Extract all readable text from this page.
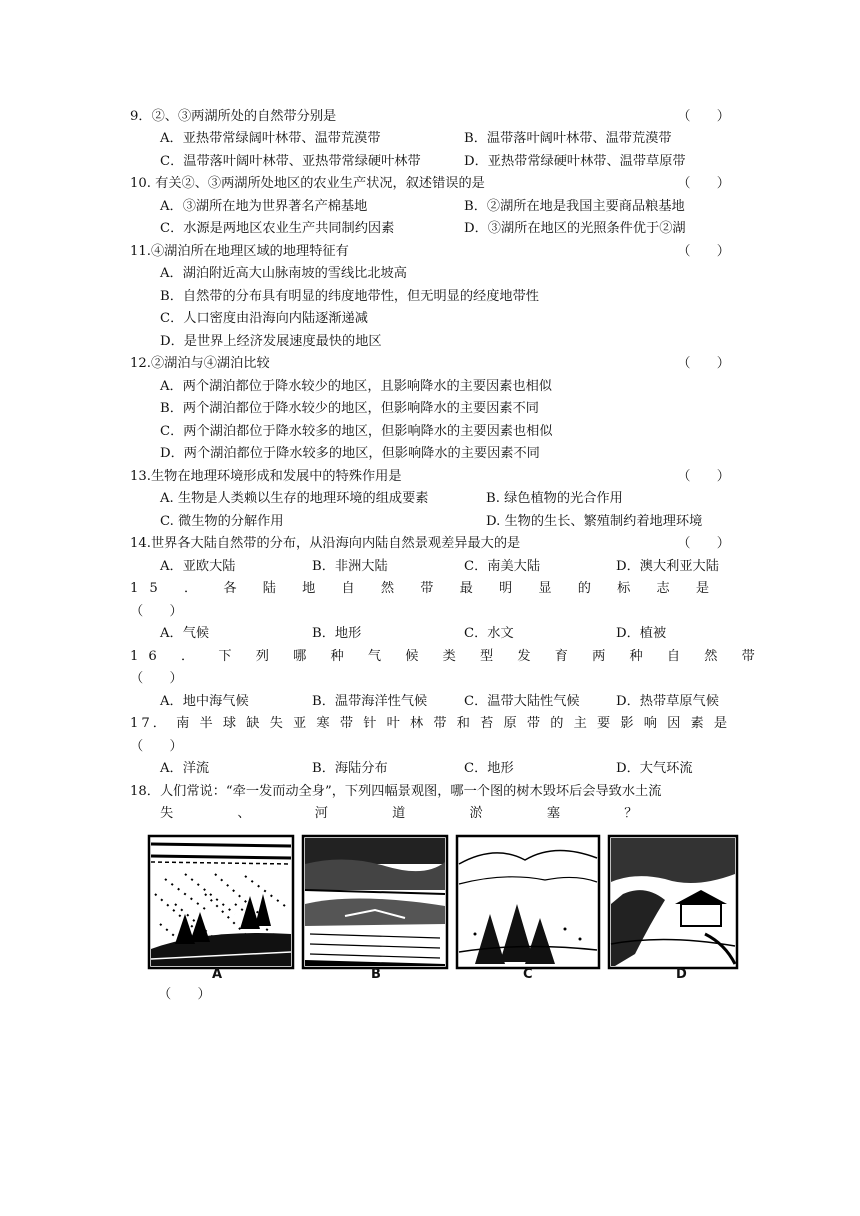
9．②、③两湖所处的自然带分别是	（　　）
A．亚热带常绿阔叶林带、温带荒漠带	B．温带落叶阔叶林带、温带荒漠带
C．温带落叶阔叶林带、亚热带常绿硬叶林带	D．亚热带常绿硬叶林带、温带草原带
10. 有关②、③两湖所处地区的农业生产状况，叙述错误的是	（　　）
A．③湖所在地为世界著名产棉基地	B．②湖所在地是我国主要商品粮基地
C．水源是两地区农业生产共同制约因素	D．③湖所在地区的光照条件优于②湖
11.④湖泊所在地理区域的地理特征有	（　　）
A．湖泊附近高大山脉南坡的雪线比北坡高
B．自然带的分布具有明显的纬度地带性，但无明显的经度地带性
C．人口密度由沿海向内陆逐渐递减
D．是世界上经济发展速度最快的地区
12.②湖泊与④湖泊比较	（　　）
A．两个湖泊都位于降水较少的地区，且影响降水的主要因素也相似
B．两个湖泊都位于降水较少的地区，但影响降水的主要因素不同
C．两个湖泊都位于降水较多的地区，但影响降水的主要因素也相似
D．两个湖泊都位于降水较多的地区，但影响降水的主要因素不同
13.生物在地理环境形成和发展中的特殊作用是	（　　）
A. 生物是人类赖以生存的地理环境的组成要素	B. 绿色植物的光合作用
C. 微生物的分解作用	D. 生物的生长、繁殖制约着地理环境
14.世界各大陆自然带的分布，从沿海向内陆自然景观差异最大的是	（　　）
A．亚欧大陆	B．非洲大陆	C．南美大陆	D．澳大利亚大陆
15 ． 各 陆 地 自 然 带 最 明 显 的 标 志 是
（　　）
A．气候	B．地形	C．水文	D．植被
16 ． 下 列 哪 种 气 候 类 型 发 育 两 种 自 然 带
（　　）
A．地中海气候	B．温带海洋性气候	C．温带大陆性气候	D．热带草原气候
17． 南 半 球 缺 失 亚 寒 带 针 叶 林 带 和 苔 原 带 的 主 要 影 响 因 素 是
（　　）
A．洋流	B．海陆分布	C．地形	D．大气环流
18．人们常说：“牵一发而动全身”，下列四幅景观图，哪一个图的树木毁坏后会导致水土流
失 、 河 道 淤 塞 ？
A	B	C	D
（　　）
